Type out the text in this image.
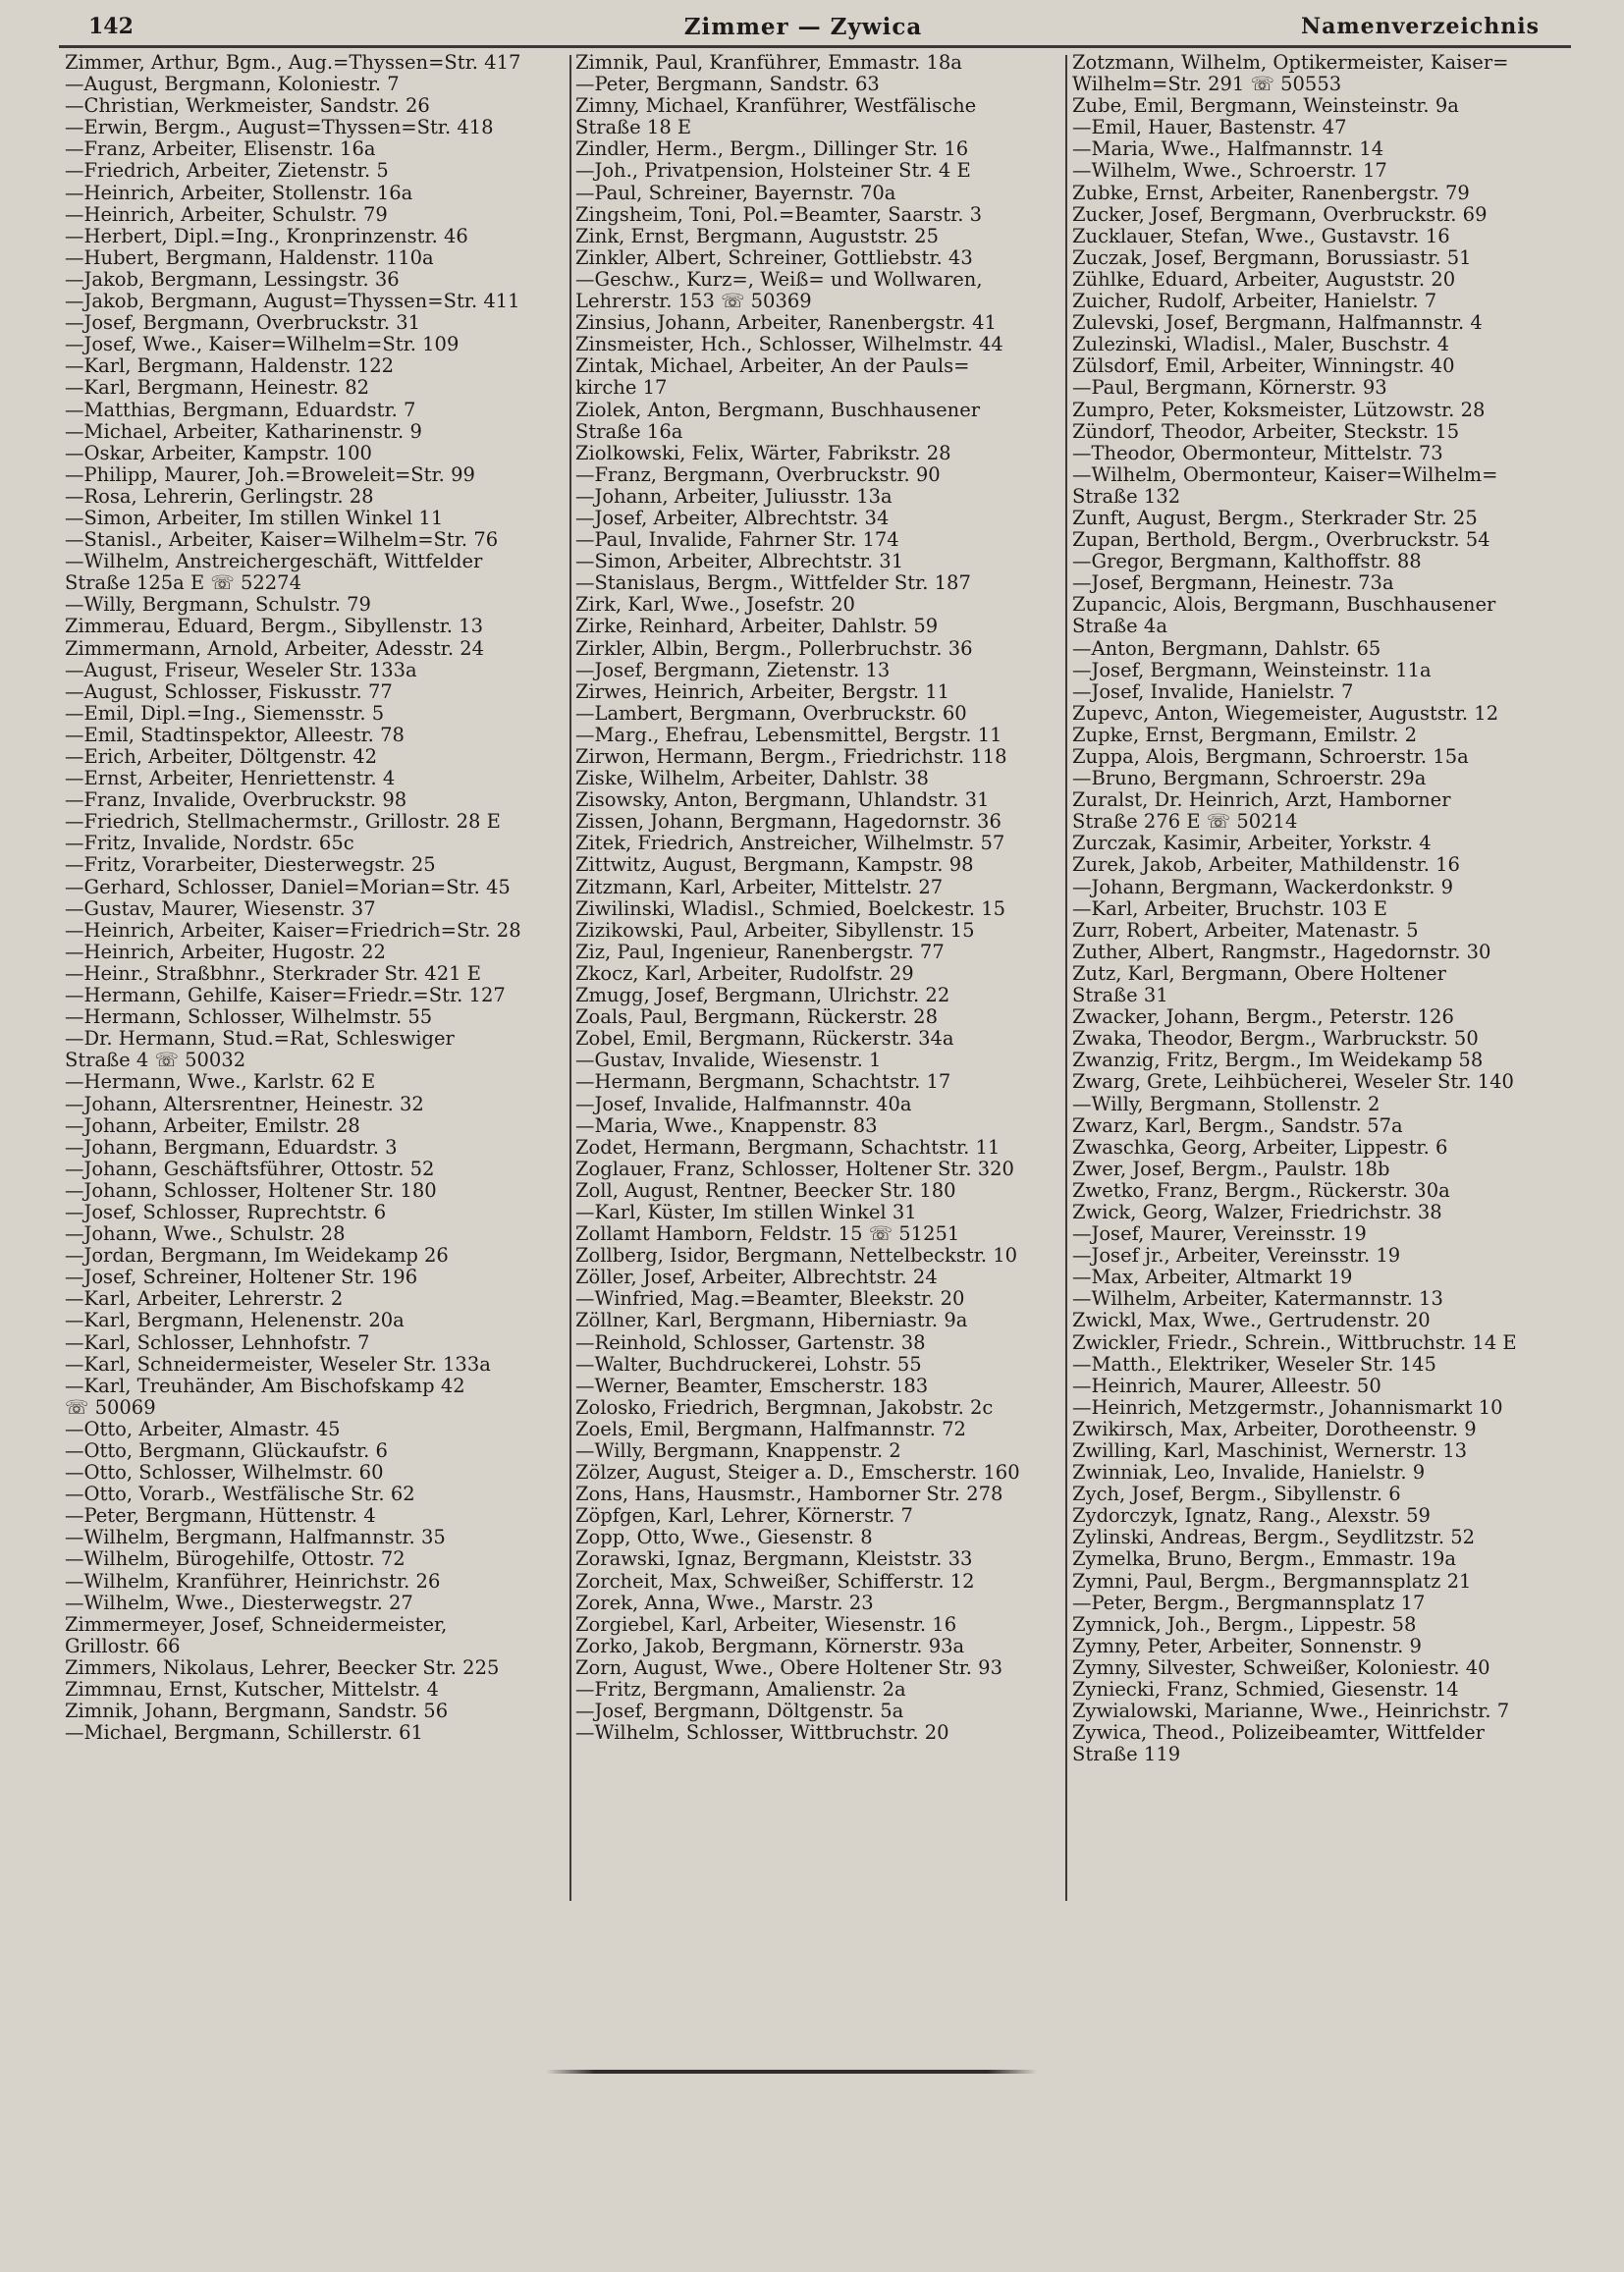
142	Zimmer — Zywica	Namenverzeichnis
Zimmer, Arthur, Bgm., Aug.=Thyssen=Str. 417
—August, Bergmann, Koloniestr. 7
—Christian, Werkmeister, Sandstr. 26
—Erwin, Bergm., August=Thyssen=Str. 418
—Franz, Arbeiter, Elisenstr. 16a
—Friedrich, Arbeiter, Zietenstr. 5
—Heinrich, Arbeiter, Stollenstr. 16a
—Heinrich, Arbeiter, Schulstr. 79
—Herbert, Dipl.=Ing., Kronprinzenstr. 46
—Hubert, Bergmann, Haldenstr. 110a
—Jakob, Bergmann, Lessingstr. 36
—Jakob, Bergmann, August=Thyssen=Str. 411
—Josef, Bergmann, Overbruckstr. 31
—Josef, Wwe., Kaiser=Wilhelm=Str. 109
—Karl, Bergmann, Haldenstr. 122
—Karl, Bergmann, Heinestr. 82
—Matthias, Bergmann, Eduardstr. 7
—Michael, Arbeiter, Katharinenstr. 9
—Oskar, Arbeiter, Kampstr. 100
—Philipp, Maurer, Joh.=Broweleit=Str. 99
—Rosa, Lehrerin, Gerlingstr. 28
—Simon, Arbeiter, Im stillen Winkel 11
—Stanisl., Arbeiter, Kaiser=Wilhelm=Str. 76
—Wilhelm, Anstreichergeschäft, Wittfelder
Straße 125a E ☏ 52274
—Willy, Bergmann, Schulstr. 79
Zimmerau, Eduard, Bergm., Sibyllenstr. 13
Zimmermann, Arnold, Arbeiter, Adesstr. 24
—August, Friseur, Weseler Str. 133a
—August, Schlosser, Fiskusstr. 77
—Emil, Dipl.=Ing., Siemensstr. 5
—Emil, Stadtinspektor, Alleestr. 78
—Erich, Arbeiter, Döltgenstr. 42
—Ernst, Arbeiter, Henriettenstr. 4
—Franz, Invalide, Overbruckstr. 98
—Friedrich, Stellmachermstr., Grillostr. 28 E
—Fritz, Invalide, Nordstr. 65c
—Fritz, Vorarbeiter, Diesterwegstr. 25
—Gerhard, Schlosser, Daniel=Morian=Str. 45
—Gustav, Maurer, Wiesenstr. 37
—Heinrich, Arbeiter, Kaiser=Friedrich=Str. 28
—Heinrich, Arbeiter, Hugostr. 22
—Heinr., Straßbhnr., Sterkrader Str. 421 E
—Hermann, Gehilfe, Kaiser=Friedr.=Str. 127
—Hermann, Schlosser, Wilhelmstr. 55
—Dr. Hermann, Stud.=Rat, Schleswiger
Straße 4 ☏ 50032
—Hermann, Wwe., Karlstr. 62 E
—Johann, Altersrentner, Heinestr. 32
—Johann, Arbeiter, Emilstr. 28
—Johann, Bergmann, Eduardstr. 3
—Johann, Geschäftsführer, Ottostr. 52
—Johann, Schlosser, Holtener Str. 180
—Josef, Schlosser, Ruprechtstr. 6
—Johann, Wwe., Schulstr. 28
—Jordan, Bergmann, Im Weidekamp 26
—Josef, Schreiner, Holtener Str. 196
—Karl, Arbeiter, Lehrerstr. 2
—Karl, Bergmann, Helenenstr. 20a
—Karl, Schlosser, Lehnhofstr. 7
—Karl, Schneidermeister, Weseler Str. 133a
—Karl, Treuhänder, Am Bischofskamp 42
☏ 50069
—Otto, Arbeiter, Almastr. 45
—Otto, Bergmann, Glückaufstr. 6
—Otto, Schlosser, Wilhelmstr. 60
—Otto, Vorarb., Westfälische Str. 62
—Peter, Bergmann, Hüttenstr. 4
—Wilhelm, Bergmann, Halfmannstr. 35
—Wilhelm, Bürogehilfe, Ottostr. 72
—Wilhelm, Kranführer, Heinrichstr. 26
—Wilhelm, Wwe., Diesterwegstr. 27
Zimmermeyer, Josef, Schneidermeister,
Grillostr. 66
Zimmers, Nikolaus, Lehrer, Beecker Str. 225
Zimmnau, Ernst, Kutscher, Mittelstr. 4
Zimnik, Johann, Bergmann, Sandstr. 56
—Michael, Bergmann, Schillerstr. 61
Zimnik, Paul, Kranführer, Emmastr. 18a
—Peter, Bergmann, Sandstr. 63
Zimny, Michael, Kranführer, Westfälische
Straße 18 E
Zindler, Herm., Bergm., Dillinger Str. 16
—Joh., Privatpension, Holsteiner Str. 4 E
—Paul, Schreiner, Bayernstr. 70a
Zingsheim, Toni, Pol.=Beamter, Saarstr. 3
Zink, Ernst, Bergmann, Auguststr. 25
Zinkler, Albert, Schreiner, Gottliebstr. 43
—Geschw., Kurz=, Weiß= und Wollwaren,
Lehrerstr. 153 ☏ 50369
Zinsius, Johann, Arbeiter, Ranenbergstr. 41
Zinsmeister, Hch., Schlosser, Wilhelmstr. 44
Zintak, Michael, Arbeiter, An der Pauls=
kirche 17
Ziolek, Anton, Bergmann, Buschhausener
Straße 16a
Ziolkowski, Felix, Wärter, Fabrikstr. 28
—Franz, Bergmann, Overbruckstr. 90
—Johann, Arbeiter, Juliusstr. 13a
—Josef, Arbeiter, Albrechtstr. 34
—Paul, Invalide, Fahrner Str. 174
—Simon, Arbeiter, Albrechtstr. 31
—Stanislaus, Bergm., Wittfelder Str. 187
Zirk, Karl, Wwe., Josefstr. 20
Zirke, Reinhard, Arbeiter, Dahlstr. 59
Zirkler, Albin, Bergm., Pollerbruchstr. 36
—Josef, Bergmann, Zietenstr. 13
Zirwes, Heinrich, Arbeiter, Bergstr. 11
—Lambert, Bergmann, Overbruckstr. 60
—Marg., Ehefrau, Lebensmittel, Bergstr. 11
Zirwon, Hermann, Bergm., Friedrichstr. 118
Ziske, Wilhelm, Arbeiter, Dahlstr. 38
Zisowsky, Anton, Bergmann, Uhlandstr. 31
Zissen, Johann, Bergmann, Hagedornstr. 36
Zitek, Friedrich, Anstreicher, Wilhelmstr. 57
Zittwitz, August, Bergmann, Kampstr. 98
Zitzmann, Karl, Arbeiter, Mittelstr. 27
Ziwilinski, Wladisl., Schmied, Boelckestr. 15
Zizikowski, Paul, Arbeiter, Sibyllenstr. 15
Ziz, Paul, Ingenieur, Ranenbergstr. 77
Zkocz, Karl, Arbeiter, Rudolfstr. 29
Zmugg, Josef, Bergmann, Ulrichstr. 22
Zoals, Paul, Bergmann, Rückerstr. 28
Zobel, Emil, Bergmann, Rückerstr. 34a
—Gustav, Invalide, Wiesenstr. 1
—Hermann, Bergmann, Schachtstr. 17
—Josef, Invalide, Halfmannstr. 40a
—Maria, Wwe., Knappenstr. 83
Zodet, Hermann, Bergmann, Schachtstr. 11
Zoglauer, Franz, Schlosser, Holtener Str. 320
Zoll, August, Rentner, Beecker Str. 180
—Karl, Küster, Im stillen Winkel 31
Zollamt Hamborn, Feldstr. 15 ☏ 51251
Zollberg, Isidor, Bergmann, Nettelbeckstr. 10
Zöller, Josef, Arbeiter, Albrechtstr. 24
—Winfried, Mag.=Beamter, Bleekstr. 20
Zöllner, Karl, Bergmann, Hiberniastr. 9a
—Reinhold, Schlosser, Gartenstr. 38
—Walter, Buchdruckerei, Lohstr. 55
—Werner, Beamter, Emscherstr. 183
Zolosko, Friedrich, Bergmnan, Jakobstr. 2c
Zoels, Emil, Bergmann, Halfmannstr. 72
—Willy, Bergmann, Knappenstr. 2
Zölzer, August, Steiger a. D., Emscherstr. 160
Zons, Hans, Hausmstr., Hamborner Str. 278
Zöpfgen, Karl, Lehrer, Körnerstr. 7
Zopp, Otto, Wwe., Giesenstr. 8
Zorawski, Ignaz, Bergmann, Kleiststr. 33
Zorcheit, Max, Schweißer, Schifferstr. 12
Zorek, Anna, Wwe., Marstr. 23
Zorgiebel, Karl, Arbeiter, Wiesenstr. 16
Zorko, Jakob, Bergmann, Körnerstr. 93a
Zorn, August, Wwe., Obere Holtener Str. 93
—Fritz, Bergmann, Amalienstr. 2a
—Josef, Bergmann, Döltgenstr. 5a
—Wilhelm, Schlosser, Wittbruchstr. 20
Zotzmann, Wilhelm, Optikermeister, Kaiser=
Wilhelm=Str. 291 ☏ 50553
Zube, Emil, Bergmann, Weinsteinstr. 9a
—Emil, Hauer, Bastenstr. 47
—Maria, Wwe., Halfmannstr. 14
—Wilhelm, Wwe., Schroerstr. 17
Zubke, Ernst, Arbeiter, Ranenbergstr. 79
Zucker, Josef, Bergmann, Overbruckstr. 69
Zucklauer, Stefan, Wwe., Gustavstr. 16
Zuczak, Josef, Bergmann, Borussiastr. 51
Zühlke, Eduard, Arbeiter, Auguststr. 20
Zuicher, Rudolf, Arbeiter, Hanielstr. 7
Zulevski, Josef, Bergmann, Halfmannstr. 4
Zulezinski, Wladisl., Maler, Buschstr. 4
Zülsdorf, Emil, Arbeiter, Winningstr. 40
—Paul, Bergmann, Körnerstr. 93
Zumpro, Peter, Koksmeister, Lützowstr. 28
Zündorf, Theodor, Arbeiter, Steckstr. 15
—Theodor, Obermonteur, Mittelstr. 73
—Wilhelm, Obermonteur, Kaiser=Wilhelm=
Straße 132
Zunft, August, Bergm., Sterkrader Str. 25
Zupan, Berthold, Bergm., Overbruckstr. 54
—Gregor, Bergmann, Kalthoffstr. 88
—Josef, Bergmann, Heinestr. 73a
Zupancic, Alois, Bergmann, Buschhausener
Straße 4a
—Anton, Bergmann, Dahlstr. 65
—Josef, Bergmann, Weinsteinstr. 11a
—Josef, Invalide, Hanielstr. 7
Zupevc, Anton, Wiegemeister, Auguststr. 12
Zupke, Ernst, Bergmann, Emilstr. 2
Zuppa, Alois, Bergmann, Schroerstr. 15a
—Bruno, Bergmann, Schroerstr. 29a
Zuralst, Dr. Heinrich, Arzt, Hamborner
Straße 276 E ☏ 50214
Zurczak, Kasimir, Arbeiter, Yorkstr. 4
Zurek, Jakob, Arbeiter, Mathildenstr. 16
—Johann, Bergmann, Wackerdonkstr. 9
—Karl, Arbeiter, Bruchstr. 103 E
Zurr, Robert, Arbeiter, Matenastr. 5
Zuther, Albert, Rangmstr., Hagedornstr. 30
Zutz, Karl, Bergmann, Obere Holtener
Straße 31
Zwacker, Johann, Bergm., Peterstr. 126
Zwaka, Theodor, Bergm., Warbruckstr. 50
Zwanzig, Fritz, Bergm., Im Weidekamp 58
Zwarg, Grete, Leihbücherei, Weseler Str. 140
—Willy, Bergmann, Stollenstr. 2
Zwarz, Karl, Bergm., Sandstr. 57a
Zwaschka, Georg, Arbeiter, Lippestr. 6
Zwer, Josef, Bergm., Paulstr. 18b
Zwetko, Franz, Bergm., Rückerstr. 30a
Zwick, Georg, Walzer, Friedrichstr. 38
—Josef, Maurer, Vereinsstr. 19
—Josef jr., Arbeiter, Vereinsstr. 19
—Max, Arbeiter, Altmarkt 19
—Wilhelm, Arbeiter, Katermannstr. 13
Zwickl, Max, Wwe., Gertrudenstr. 20
Zwickler, Friedr., Schrein., Wittbruchstr. 14 E
—Matth., Elektriker, Weseler Str. 145
—Heinrich, Maurer, Alleestr. 50
—Heinrich, Metzgermstr., Johannismarkt 10
Zwikirsch, Max, Arbeiter, Dorotheenstr. 9
Zwilling, Karl, Maschinist, Wernerstr. 13
Zwinniak, Leo, Invalide, Hanielstr. 9
Zych, Josef, Bergm., Sibyllenstr. 6
Zydorczyk, Ignatz, Rang., Alexstr. 59
Zylinski, Andreas, Bergm., Seydlitzstr. 52
Zymelka, Bruno, Bergm., Emmastr. 19a
Zymni, Paul, Bergm., Bergmannsplatz 21
—Peter, Bergm., Bergmannsplatz 17
Zymnick, Joh., Bergm., Lippestr. 58
Zymny, Peter, Arbeiter, Sonnenstr. 9
Zymny, Silvester, Schweißer, Koloniestr. 40
Zyniecki, Franz, Schmied, Giesenstr. 14
Zywialowski, Marianne, Wwe., Heinrichstr. 7
Zywica, Theod., Polizeibeamter, Wittfelder
Straße 119
